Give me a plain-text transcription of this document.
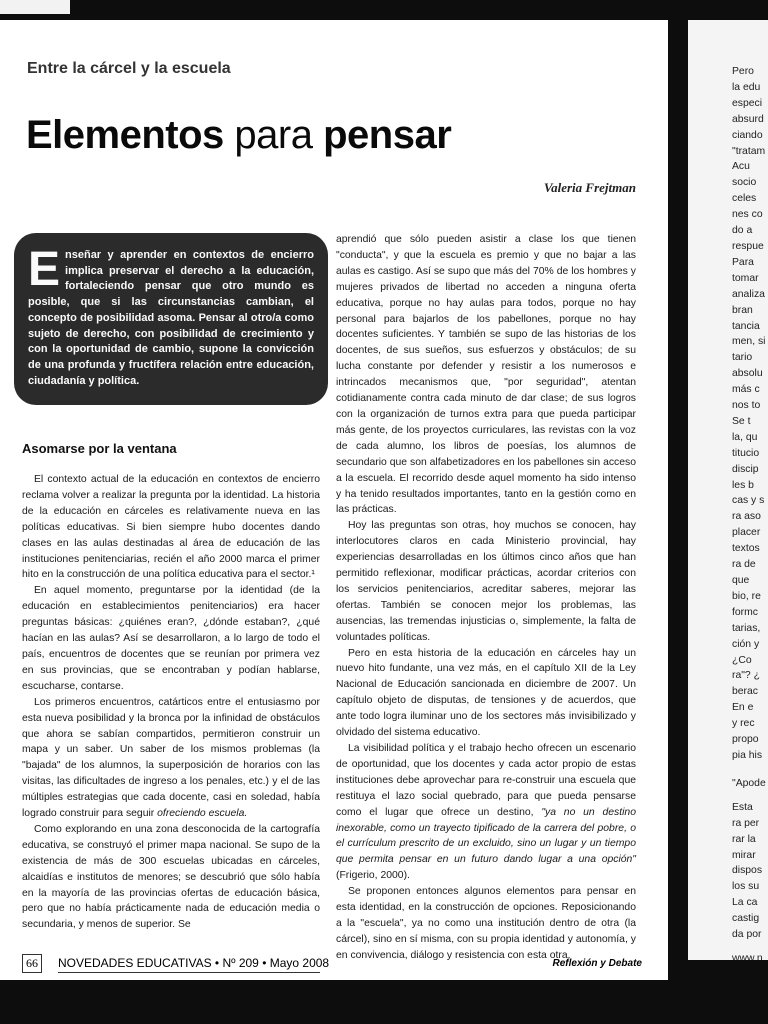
Entre la cárcel y la escuela
Elementos para pensar
Valeria Frejtman
Enseñar y aprender en contextos de encierro implica preservar el derecho a la educación, fortaleciendo pensar que otro mundo es posible, que si las circunstancias cambian, el concepto de posibilidad asoma. Pensar al otro/a como sujeto de derecho, con posibilidad de crecimiento y con la oportunidad de cambio, supone la convicción de una profunda y fructífera relación entre educación, ciudadanía y política.
Asomarse por la ventana

El contexto actual de la educación en contextos de encierro reclama volver a realizar la pregunta por la identidad. La historia de la educación en cárceles es relativamente nueva en las políticas educativas. Si bien siempre hubo docentes dando clases en las aulas destinadas al área de educación de las instituciones penitenciarias, recién el año 2000 marca el primer hito en la construcción de una política educativa para el sector.¹

En aquel momento, preguntarse por la identidad (de la educación en establecimientos penitenciarios) era hacer preguntas básicas: ¿quiénes eran?, ¿dónde estaban?, ¿qué hacían en las aulas? Así se desarrollaron, a lo largo de todo el país, encuentros de docentes que se reunían por primera vez en sus provincias, que se encontraban y podían hablarse, escucharse, contarse.

Los primeros encuentros, catárticos entre el entusiasmo por esta nueva posibilidad y la bronca por la infinidad de obstáculos que ahora se sabían compartidos, permitieron construir un mapa y un saber. Un saber de los mismos problemas (la "bajada" de los alumnos, la superposición de horarios con las visitas, las dificultades de ingreso a los penales, etc.) y el de las múltiples estrategias que cada docente, casi en soledad, había logrado construir para seguir ofreciendo escuela.

Como explorando en una zona desconocida de la cartografía educativa, se construyó el primer mapa nacional. Se supo de la existencia de más de 300 escuelas ubicadas en cárceles, alcaidías e institutos de menores; se descubrió que sólo había en la mayoría de las provincias ofertas de educación básica, pero que no había prácticamente nada de educación media o secundaria, y menos de superior. Se

aprendió que sólo pueden asistir a clase los que tienen "conducta", y que la escuela es premio y que no bajar a las aulas es castigo. Así se supo que más del 70% de los hombres y mujeres privados de libertad no acceden a ninguna oferta educativa, porque no hay aulas para todos, porque no hay personal para bajarlos de los pabellones, porque no hay docentes suficientes. Y también se supo de las historias de los docentes, de sus sueños, sus esfuerzos y obstáculos; de su lucha constante por defender y resistir a los numerosos e intrincados mecanismos que, "por seguridad", atentan cotidianamente contra cada minuto de dar clase; de sus logros con la organización de turnos extra para que pueda participar más gente, de los proyectos curriculares, las revistas con la voz de cada alumno, los libros de poesías, los alumnos de secundario que son alfabetizadores en los pabellones sin acceso a la escuela. El recorrido desde aquel momento ha sido intenso y ha tenido resultados importantes, tanto en la gestión como en las prácticas.

Hoy las preguntas son otras, hoy muchos se conocen, hay interlocutores claros en cada Ministerio provincial, hay experiencias desarrolladas en los últimos cinco años que han permitido reflexionar, modificar prácticas, acordar criterios con los servicios penitenciarios, acreditar saberes, mejorar las ofertas. También se conocen mejor los problemas, las ausencias, las tremendas injusticias o, simplemente, la falta de voluntades políticas.

Pero en esta historia de la educación en cárceles hay un nuevo hito fundante, una vez más, en el capítulo XII de la Ley Nacional de Educación sancionada en diciembre de 2007. Un capítulo objeto de disputas, de tensiones y de acuerdos, que ante todo logra iluminar uno de los sectores más invisibilizado y olvidado del sistema educativo.

La visibilidad política y el trabajo hecho ofrecen un escenario de oportunidad, que los docentes y cada actor propio de estas instituciones debe aprovechar para re-construir una escuela que restituya el lazo social quebrado, para que pueda pensarse como el lugar que ofrece un destino, "ya no un destino inexorable, como un trayecto tipificado de la carrera del pobre, o el currículum prescrito de un excluido, sino un lugar y un tiempo que permita pensar en un futuro dando lugar a una opción" (Frigerio, 2000).

Se proponen entonces algunos elementos para pensar en esta identidad, en la construcción de opciones. Reposicionando a la "escuela", ya no como una institución dentro de otra (la cárcel), sino en sí misma, con su propia identidad y autonomía, y en convivencia, diálogo y resistencia con esta otra.

66	NOVEDADES EDUCATIVAS • Nº 209 • Mayo 2008	Reflexión y Debate
Pero
la edu
especi
absurd
ciando
"tratam
Acu
socio
celes
nes co
do a
respue
Para
tomar
analiza
bran
tancia
men, si
tario
absolu
más c
nos to
Se t
la, qu
titucio
discip
les b
cas y s
ra aso
placer
textos
ra de
que
bio, re
formc
tarias,
ción y
¿Co
ra"? ¿
berac
En e
y rec
propo
pia his
"Apode
Esta
ra per
rar la
mirar
dispos
los su
La ca
castig
da por
www.n
